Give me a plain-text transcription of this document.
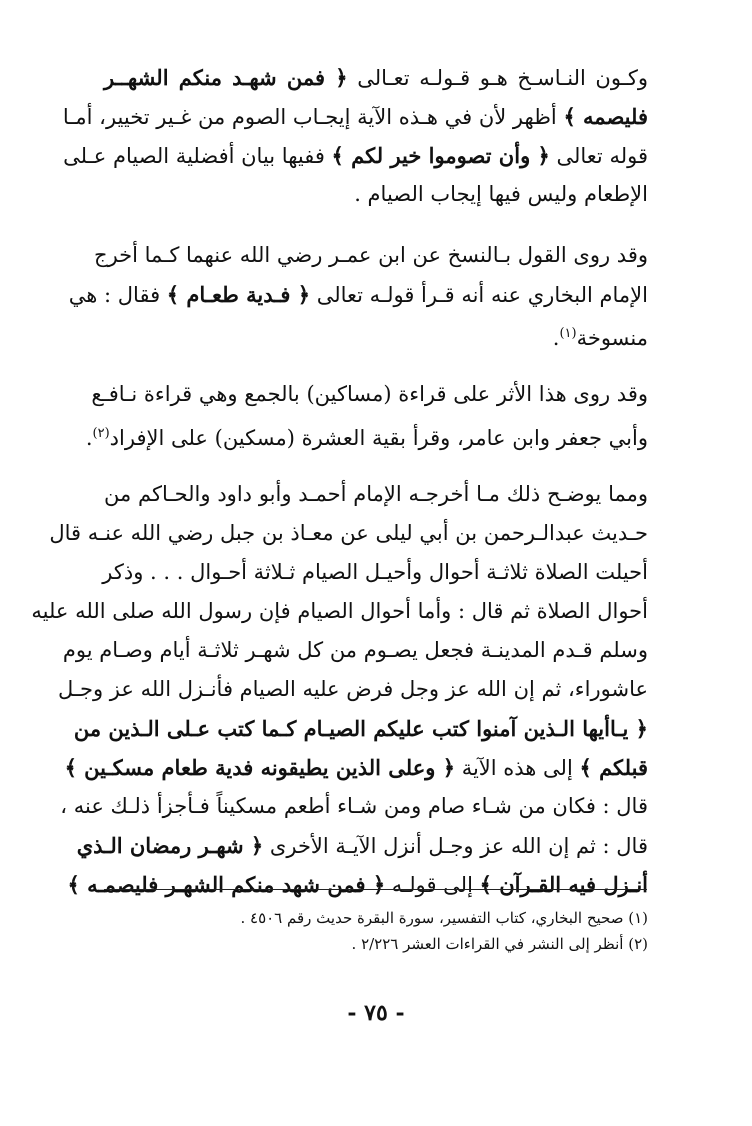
وكـون النـاسـخ هـو قـولـه تعـالى ﴿ فمن شهـد منكم الشهــر
فليصمه ﴾ أظهر لأن في هـذه الآية إيجـاب الصوم من غـير تخيير، أمـا
قوله تعالى ﴿ وأن تصوموا خير لكم ﴾ ففيها بيان أفضلية الصيام عـلى
الإطعام وليس فيها إيجاب الصيام .
وقد روى القول بـالنسخ عن ابن عمـر رضي الله عنهما كـما أخرج
الإمام البخاري عنه أنه قـرأ قولـه تعالى ﴿ فـدية طعـام ﴾ فقال : هي
منسوخة$^{(١)}$.
وقد روى هذا الأثر على قراءة (مساكين) بالجمع وهي قراءة نـافـع
وأبي جعفر وابن عامر، وقرأ بقية العشرة (مسكين) على الإفراد$^{(٢)}$.
ومما يوضـح ذلك مـا أخرجـه الإمام أحمـد وأبو داود والحـاكم من
حـديث عبدالـرحمن بن أبي ليلى عن معـاذ بن جبل رضي الله عنـه قال
أحيلت الصلاة ثلاثـة أحوال وأحيـل الصيام ثـلاثة أحـوال . . . وذكر
أحوال الصلاة ثم قال : وأما أحوال الصيام فإن رسول الله صلى الله عليه
وسلم قـدم المدينـة فجعل يصـوم من كل شهـر ثلاثـة أيام وصـام يوم
عاشوراء، ثم إن الله عز وجل فرض عليه الصيام فأنـزل الله عز وجـل
﴿ يـاأيها الـذين آمنوا كتب عليكم الصيـام كـما كتب عـلى الـذين من
قبلكم ﴾ إلى هذه الآية ﴿ وعلى الذين يطيقونه فدية طعام مسكـين ﴾
قال : فكان من شـاء صام ومن شـاء أطعم مسكيناً فـأجزأ ذلـك عنه ،
قال : ثم إن الله عز وجـل أنزل الآيـة الأخرى ﴿ شهـر رمضان الـذي
أنـزل فيه القـرآن ﴾ إلى قولـه ﴿ فمن شهد منكم الشهـر فليصمـه ﴾
(١) صحيح البخاري، كتاب التفسير، سورة البقرة حديث رقم ٤٥٠٦ .
(٢) أنظر إلى النشر في القراءات العشر ٢/٢٢٦ .
- ٧٥ -
